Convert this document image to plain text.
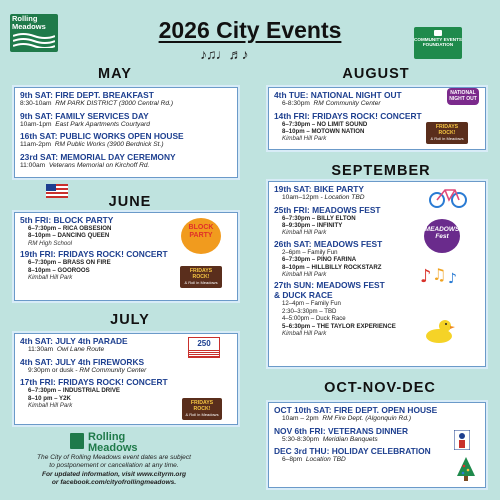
Rolling Meadows	2026 City Events
♪♫♩♬♪
COMMUNITY EVENTS FOUNDATION
MAY
9th SAT: FIRE DEPT. BREAKFAST
8:30-10am RM PARK DISTRICT (3000 Central Rd.)
9th SAT: FAMILY SERVICES DAY
10am-1pm East Park Apartments Courtyard
16th SAT: PUBLIC WORKS OPEN HOUSE
11am-2pm RM Public Works (3900 Berdnick St.)
23rd SAT: MEMORIAL DAY CEREMONY
11:00am Veterans Memorial on Kirchoff Rd.
JUNE
5th FRI: BLOCK PARTY
6–7:30pm – RICA OBSESION
8–10pm – DANCING QUEEN
RM High School
19th FRI: FRIDAYS ROCK! CONCERT
6–7:30pm – BRASS ON FIRE
8–10pm – GOOROOS
Kimball Hill Park
BLOCK PARTY
FRIDAYS ROCK!
& Roll in Meadows
JULY
4th SAT: JULY 4th PARADE
11:30am Owl Lane Route
4th SAT: JULY 4th FIREWORKS
9:30pm or dusk - RM Community Center
17th FRI: FRIDAYS ROCK! CONCERT
6–7:30pm – INDUSTRIAL DRIVE
8–10 pm – Y2K
Kimball Hill Park
250
FRIDAYS ROCK!
& Roll in Meadows
Rolling Meadows
The City of Rolling Meadows event dates are subject
to postponement or cancellation at any time.
For updated information, visit www.cityrm.org
or facebook.com/cityofrollingmeadows.
AUGUST
4th TUE: NATIONAL NIGHT OUT
6-8:30pm RM Community Center
14th FRI: FRIDAYS ROCK! CONCERT
6–7:30pm – NO LIMIT SOUND
8–10pm – MOTOWN NATION
Kimball Hill Park
NATIONAL NIGHT OUT
FRIDAYS ROCK!
& Roll in Meadows
SEPTEMBER
19th SAT: BIKE PARTY
10am–12pm - Location TBD
25th FRI: MEADOWS FEST
6–7:30pm – BILLY ELTON
8–9:30pm – INFINITY
Kimball Hill Park
26th SAT: MEADOWS FEST
2–6pm – Family Fun
6–7:30pm – PINO FARINA
8–10pm – HILLBILLY ROCKSTARZ
Kimball Hill Park
27th SUN: MEADOWS FEST
& DUCK RACE
12–4pm – Family Fun
2:30–3:30pm – TBD
4–5:00pm – Duck Race
5–6:30pm – THE TAYLOR EXPERIENCE
Kimball Hill Park
MEADOWS Fest
♪ ♫ ♪
OCT-NOV-DEC
OCT 10th SAT: FIRE DEPT. OPEN HOUSE
10am – 2pm RM Fire Dept. (Algonquin Rd.)
NOV 6th FRI: VETERANS DINNER
5:30-8:30pm Meridian Banquets
DEC 3rd THU: HOLIDAY CELEBRATION
6–8pm Location TBD
